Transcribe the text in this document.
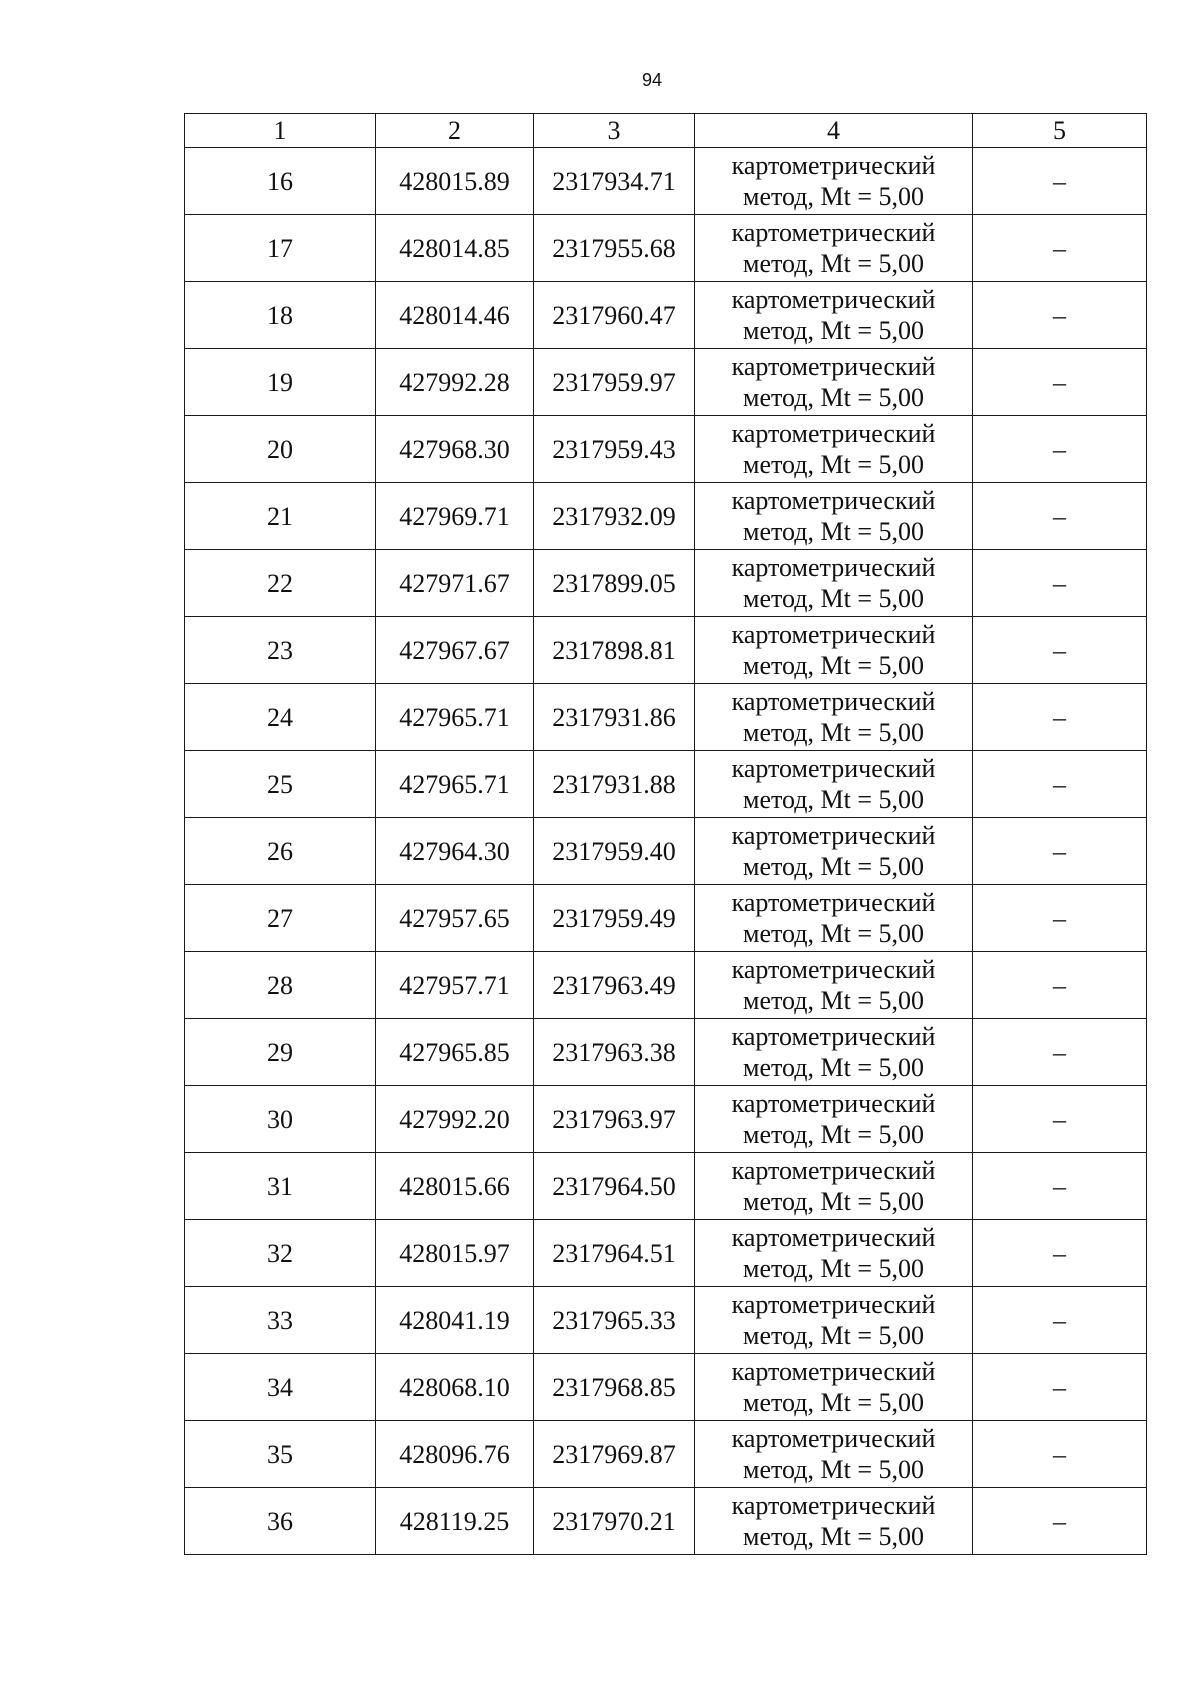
94
1	2	3	4	5
16	428015.89	2317934.71	картометрический
метод, Mt = 5,00	–
17	428014.85	2317955.68	картометрический
метод, Mt = 5,00	–
18	428014.46	2317960.47	картометрический
метод, Mt = 5,00	–
19	427992.28	2317959.97	картометрический
метод, Mt = 5,00	–
20	427968.30	2317959.43	картометрический
метод, Mt = 5,00	–
21	427969.71	2317932.09	картометрический
метод, Mt = 5,00	–
22	427971.67	2317899.05	картометрический
метод, Mt = 5,00	–
23	427967.67	2317898.81	картометрический
метод, Mt = 5,00	–
24	427965.71	2317931.86	картометрический
метод, Mt = 5,00	–
25	427965.71	2317931.88	картометрический
метод, Mt = 5,00	–
26	427964.30	2317959.40	картометрический
метод, Mt = 5,00	–
27	427957.65	2317959.49	картометрический
метод, Mt = 5,00	–
28	427957.71	2317963.49	картометрический
метод, Mt = 5,00	–
29	427965.85	2317963.38	картометрический
метод, Mt = 5,00	–
30	427992.20	2317963.97	картометрический
метод, Mt = 5,00	–
31	428015.66	2317964.50	картометрический
метод, Mt = 5,00	–
32	428015.97	2317964.51	картометрический
метод, Mt = 5,00	–
33	428041.19	2317965.33	картометрический
метод, Mt = 5,00	–
34	428068.10	2317968.85	картометрический
метод, Mt = 5,00	–
35	428096.76	2317969.87	картометрический
метод, Mt = 5,00	–
36	428119.25	2317970.21	картометрический
метод, Mt = 5,00	–
